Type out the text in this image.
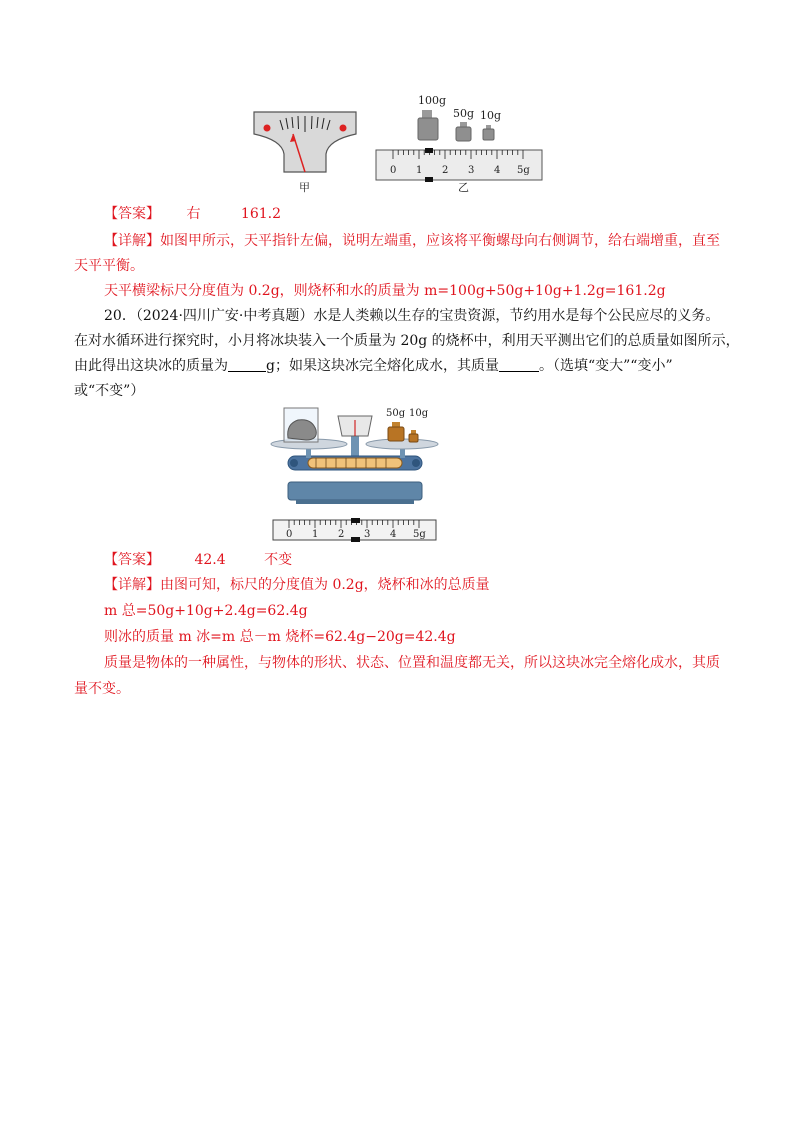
甲
100g
50g 10g
0 1 2 3 4 5g
乙
【答案】 右	161.2
【详解】如图甲所示，天平指针左偏，说明左端重，应该将平衡螺母向右侧调节，给右端增重，直至
天平平衡。
天平横梁标尺分度值为 0.2g，则烧杯和水的质量为 m=100g+50g+10g+1.2g=161.2g
20．（2024·四川广安·中考真题）水是人类赖以生存的宝贵资源，节约用水是每个公民应尽的义务。
在对水循环进行探究时，小月将冰块装入一个质量为 20g 的烧杯中，利用天平测出它们的总质量如图所示，
由此得出这块冰的质量为	g；如果这块冰完全熔化成水，其质量	。（选填“变大”“变小”
或“不变”）
50g 10g
0 1 2 3 4 5g
【答案】 42.4	不变
【详解】由图可知，标尺的分度值为 0.2g，烧杯和冰的总质量
m 总=50g+10g+2.4g=62.4g
则冰的质量 m 冰=m 总－m 烧杯=62.4g−20g=42.4g
质量是物体的一种属性，与物体的形状、状态、位置和温度都无关，所以这块冰完全熔化成水，其质
量不变。
